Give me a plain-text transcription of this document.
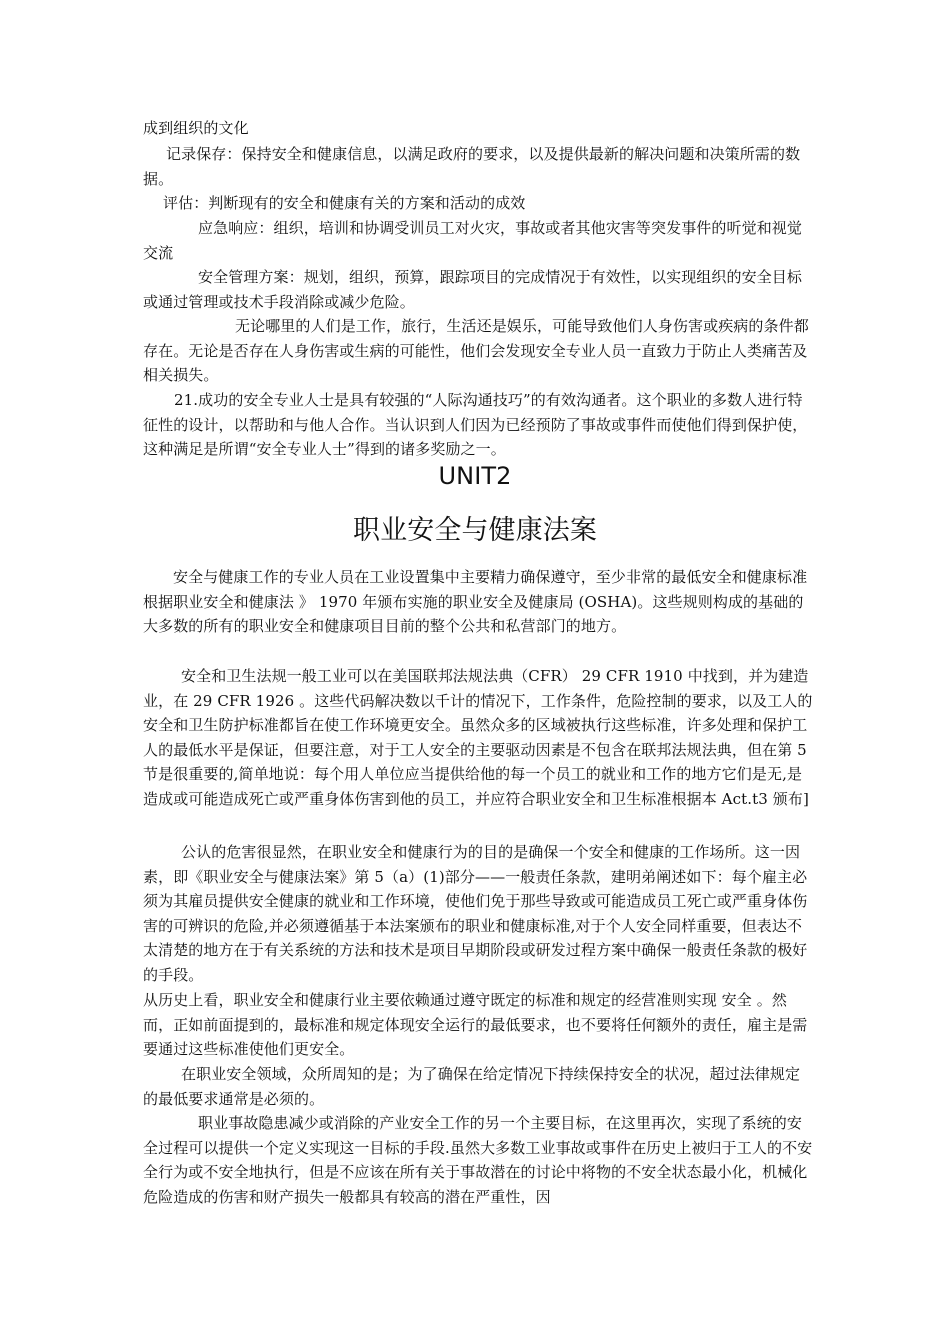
成到组织的文化

记录保存：保持安全和健康信息，以满足政府的要求，以及提供最新的解决问题和决策所需的数据。

评估：判断现有的安全和健康有关的方案和活动的成效

应急响应：组织，培训和协调受训员工对火灾，事故或者其他灾害等突发事件的听觉和视觉交流

安全管理方案：规划，组织，预算，跟踪项目的完成情况于有效性，以实现组织的安全目标或通过管理或技术手段消除或减少危险。

无论哪里的人们是工作，旅行，生活还是娱乐，可能导致他们人身伤害或疾病的条件都存在。无论是否存在人身伤害或生病的可能性，他们会发现安全专业人员一直致力于防止人类痛苦及相关损失。

21.成功的安全专业人士是具有较强的“人际沟通技巧”的有效沟通者。这个职业的多数人进行特征性的设计，以帮助和与他人合作。当认识到人们因为已经预防了事故或事件而使他们得到保护使，这种满足是所谓“安全专业人士”得到的诸多奖励之一。

UNIT2
职业安全与健康法案

安全与健康工作的专业人员在工业设置集中主要精力确保遵守，至少非常的最低安全和健康标准根据职业安全和健康法 》 1970 年颁布实施的职业安全及健康局 (OSHA)。这些规则构成的基础的大多数的所有的职业安全和健康项目目前的整个公共和私营部门的地方。

安全和卫生法规一般工业可以在美国联邦法规法典（CFR） 29 CFR 1910 中找到，并为建造业，在 29 CFR 1926 。这些代码解决数以千计的情况下，工作条件，危险控制的要求，以及工人的安全和卫生防护标准都旨在使工作环境更安全。虽然众多的区域被执行这些标准，许多处理和保护工人的最低水平是保证，但要注意，对于工人安全的主要驱动因素是不包含在联邦法规法典，但在第 5 节是很重要的,简单地说：每个用人单位应当提供给他的每一个员工的就业和工作的地方它们是无,是造成或可能造成死亡或严重身体伤害到他的员工，并应符合职业安全和卫生标准根据本 Act.t3 颁布]

公认的危害很显然，在职业安全和健康行为的目的是确保一个安全和健康的工作场所。这一因素，即《职业安全与健康法案》第 5（a）(1)部分——一般责任条款，建明弟阐述如下：每个雇主必须为其雇员提供安全健康的就业和工作环境，使他们免于那些导致或可能造成员工死亡或严重身体伤害的可辨识的危险,并必须遵循基于本法案颁布的职业和健康标准,对于个人安全同样重要，但表达不太清楚的地方在于有关系统的方法和技术是项目早期阶段或研发过程方案中确保一般责任条款的极好的手段。

从历史上看，职业安全和健康行业主要依赖通过遵守既定的标准和规定的经营准则实现 安全 。然而，正如前面提到的，最标准和规定体现安全运行的最低要求，也不要将任何额外的责任，雇主是需要通过这些标准使他们更安全。

在职业安全领域，众所周知的是；为了确保在给定情况下持续保持安全的状况，超过法律规定的最低要求通常是必须的。

职业事故隐患减少或消除的产业安全工作的另一个主要目标，在这里再次，实现了系统的安全过程可以提供一个定义实现这一目标的手段.虽然大多数工业事故或事件在历史上被归于工人的不安全行为或不安全地执行，但是不应该在所有关于事故潜在的讨论中将物的不安全状态最小化，机械化危险造成的伤害和财产损失一般都具有较高的潜在严重性，因
